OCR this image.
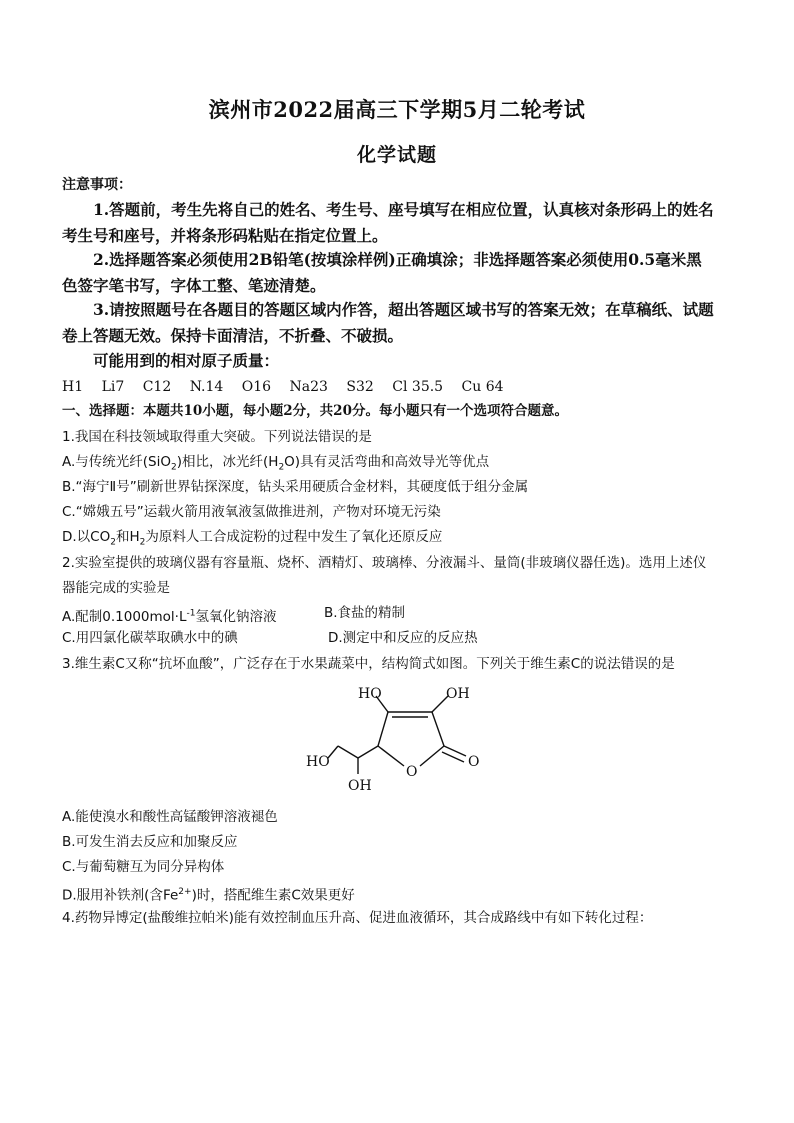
滨州市2022届高三下学期5月二轮考试
化学试题
注意事项：
1.答题前，考生先将自己的姓名、考生号、座号填写在相应位置，认真核对条形码上的姓名
考生号和座号，并将条形码粘贴在指定位置上。
2.选择题答案必须使用2B铅笔(按填涂样例)正确填涂；非选择题答案必须使用0.5毫米黑
色签字笔书写，字体工整、笔迹清楚。
3.请按照题号在各题目的答题区域内作答，超出答题区域书写的答案无效；在草稿纸、试题
卷上答题无效。保持卡面清洁，不折叠、不破损。
可能用到的相对原子质量：
H1 Li7 C12 N.14 O16 Na23 S32 Cl 35.5 Cu 64
一、选择题：本题共10小题，每小题2分，共20分。每小题只有一个选项符合题意。
1.我国在科技领域取得重大突破。下列说法错误的是
A.与传统光纤(SiO$_2$)相比，冰光纤$(H_2O)$具有灵活弯曲和高效导光等优点
B.“海宁Ⅱ号”刷新世界钻探深度，钻头采用硬质合金材料，其硬度低于组分金属
C.“嫦娥五号”运载火箭用液氧液氢做推进剂，产物对环境无污染
D.以$CO_2$和$H_2$为原料人工合成淀粉的过程中发生了氧化还原反应
2.实验室提供的玻璃仪器有容量瓶、烧杯、酒精灯、玻璃棒、分液漏斗、量筒(非玻璃仪器任选)。选用上述仪
器能完成的实验是
A.配制$0.1000mol\cdot L^{-1}$氢氧化钠溶液	B.食盐的精制
C.用四氯化碳萃取碘水中的碘	D.测定中和反应的反应热
3.维生素C又称“抗坏血酸”，广泛存在于水果蔬菜中，结构简式如图。下列关于维生素C的说法错误的是
HO	OH
HO
OH
O
O
A.能使溴水和酸性高锰酸钾溶液褪色
B.可发生消去反应和加聚反应
C.与葡萄糖互为同分异构体
D.服用补铁剂(含$Fe^{2+}$)时，搭配维生素C效果更好
4.药物异博定(盐酸维拉帕米)能有效控制血压升高、促进血液循环，其合成路线中有如下转化过程：
